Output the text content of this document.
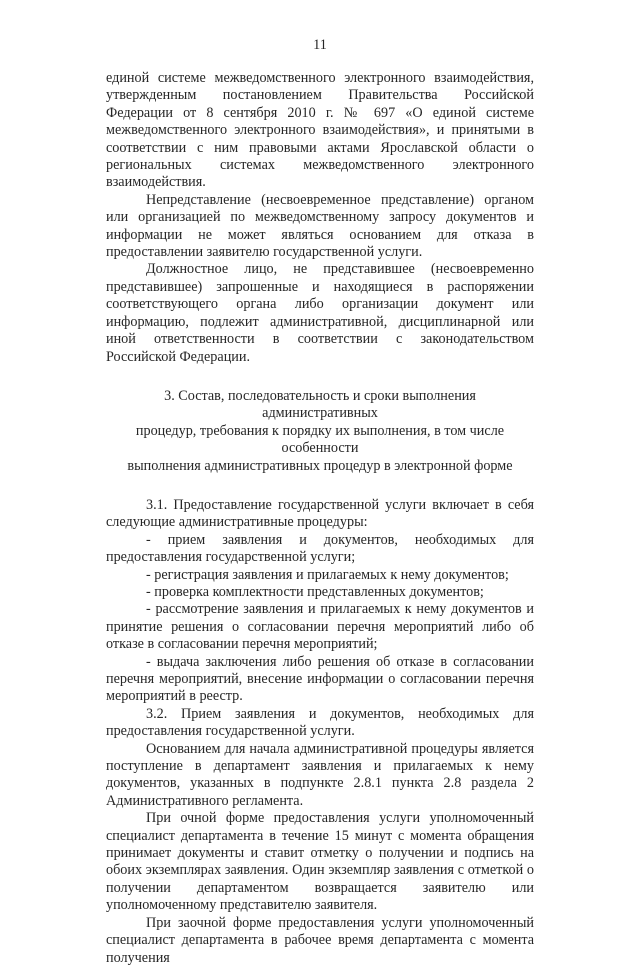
11

единой системе межведомственного электронного взаимодействия, утвержденным постановлением Правительства Российской Федерации от 8 сентября 2010 г. № 697 «О единой системе межведомственного электронного взаимодействия», и принятыми в соответствии с ним правовыми актами Ярославской области о региональных системах межведомственного электронного взаимодействия.

Непредставление (несвоевременное представление) органом или организацией по межведомственному запросу документов и информации не может являться основанием для отказа в предоставлении заявителю государственной услуги.

Должностное лицо, не представившее (несвоевременно представившее) запрошенные и находящиеся в распоряжении соответствующего органа либо организации документ или информацию, подлежит административной, дисциплинарной или иной ответственности в соответствии с законодательством Российской Федерации.

3. Состав, последовательность и сроки выполнения административных
процедур, требования к порядку их выполнения, в том числе особенности
выполнения административных процедур в электронной форме

3.1. Предоставление государственной услуги включает в себя следующие административные процедуры:

- прием заявления и документов, необходимых для предоставления государственной услуги;

- регистрация заявления и прилагаемых к нему документов;

- проверка комплектности представленных документов;

- рассмотрение заявления и прилагаемых к нему документов и принятие решения о согласовании перечня мероприятий либо об отказе в согласовании перечня мероприятий;

- выдача заключения либо решения об отказе в согласовании перечня мероприятий, внесение информации о согласовании перечня мероприятий в реестр.

3.2. Прием заявления и документов, необходимых для предоставления государственной услуги.

Основанием для начала административной процедуры является поступление в департамент заявления и прилагаемых к нему документов, указанных в подпункте 2.8.1 пункта 2.8 раздела 2 Административного регламента.

При очной форме предоставления услуги уполномоченный специалист департамента в течение 15 минут с момента обращения принимает документы и ставит отметку о получении и подпись на обоих экземплярах заявления. Один экземпляр заявления с отметкой о получении департаментом возвращается заявителю или уполномоченному представителю заявителя.

При заочной форме предоставления услуги уполномоченный специалист департамента в рабочее время департамента с момента получения
